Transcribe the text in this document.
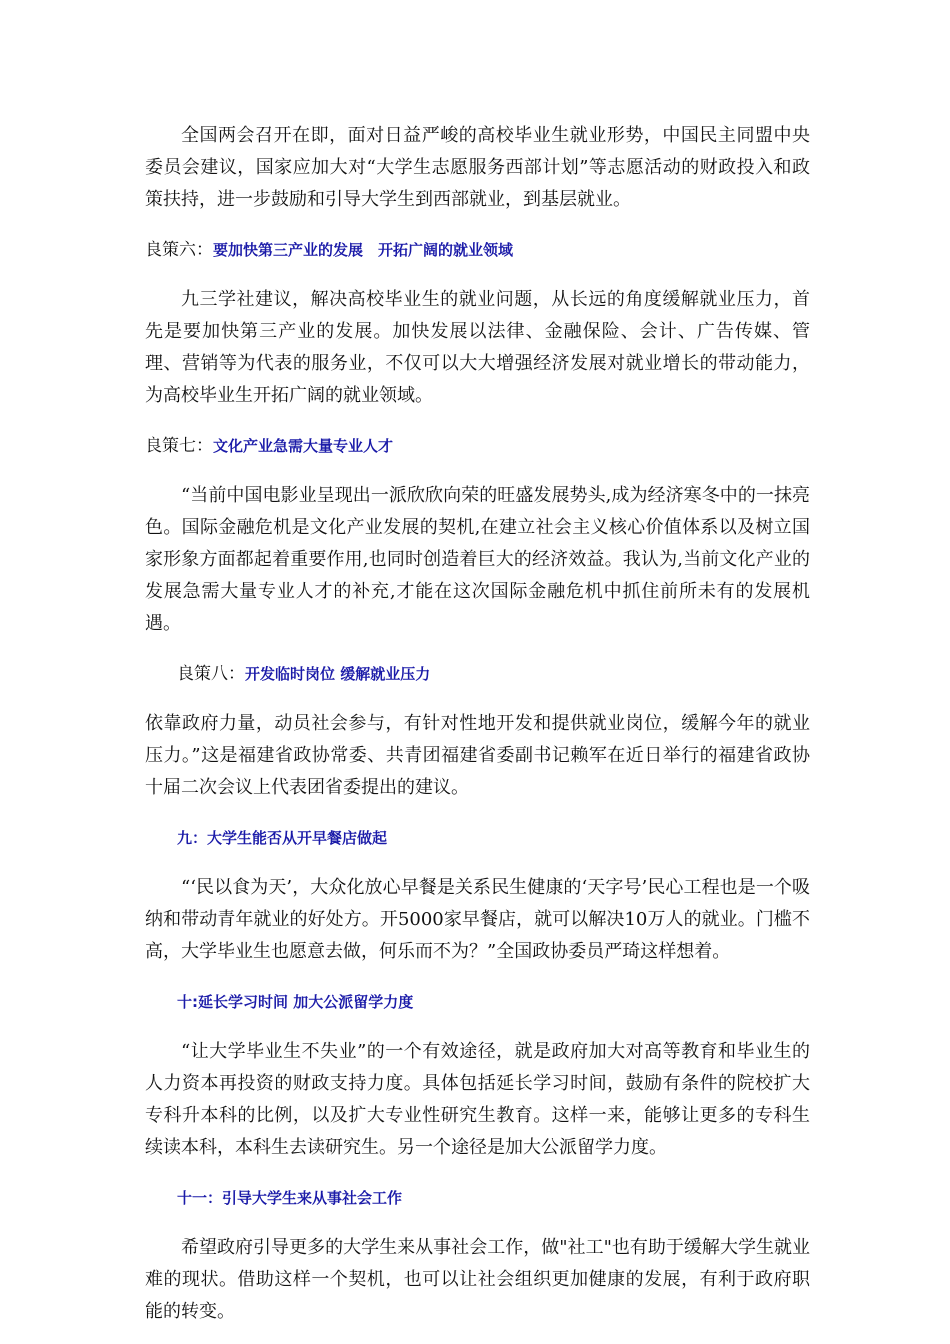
全国两会召开在即，面对日益严峻的高校毕业生就业形势，中国民主同盟中央委员会建议，国家应加大对“大学生志愿服务西部计划”等志愿活动的财政投入和政策扶持，进一步鼓励和引导大学生到西部就业，到基层就业。

良策六：要加快第三产业的发展　开拓广阔的就业领域

九三学社建议，解决高校毕业生的就业问题，从长远的角度缓解就业压力，首先是要加快第三产业的发展。加快发展以法律、金融保险、会计、广告传媒、管理、营销等为代表的服务业，不仅可以大大增强经济发展对就业增长的带动能力，为高校毕业生开拓广阔的就业领域。

良策七：文化产业急需大量专业人才

“当前中国电影业呈现出一派欣欣向荣的旺盛发展势头,成为经济寒冬中的一抹亮色。国际金融危机是文化产业发展的契机,在建立社会主义核心价值体系以及树立国家形象方面都起着重要作用,也同时创造着巨大的经济效益。我认为,当前文化产业的发展急需大量专业人才的补充,才能在这次国际金融危机中抓住前所未有的发展机遇。

良策八：开发临时岗位 缓解就业压力

依靠政府力量，动员社会参与，有针对性地开发和提供就业岗位，缓解今年的就业压力。”这是福建省政协常委、共青团福建省委副书记赖军在近日举行的福建省政协十届二次会议上代表团省委提出的建议。

九：大学生能否从开早餐店做起

“‘民以食为天’，大众化放心早餐是关系民生健康的‘天字号’民心工程也是一个吸纳和带动青年就业的好处方。开5000家早餐店，就可以解决10万人的就业。门槛不高，大学毕业生也愿意去做，何乐而不为？”全国政协委员严琦这样想着。

十:延长学习时间 加大公派留学力度

“让大学毕业生不失业”的一个有效途径，就是政府加大对高等教育和毕业生的人力资本再投资的财政支持力度。具体包括延长学习时间，鼓励有条件的院校扩大专科升本科的比例，以及扩大专业性研究生教育。这样一来，能够让更多的专科生续读本科，本科生去读研究生。另一个途径是加大公派留学力度。

十一：引导大学生来从事社会工作

希望政府引导更多的大学生来从事社会工作，做"社工"也有助于缓解大学生就业难的现状。借助这样一个契机，也可以让社会组织更加健康的发展，有利于政府职能的转变。
